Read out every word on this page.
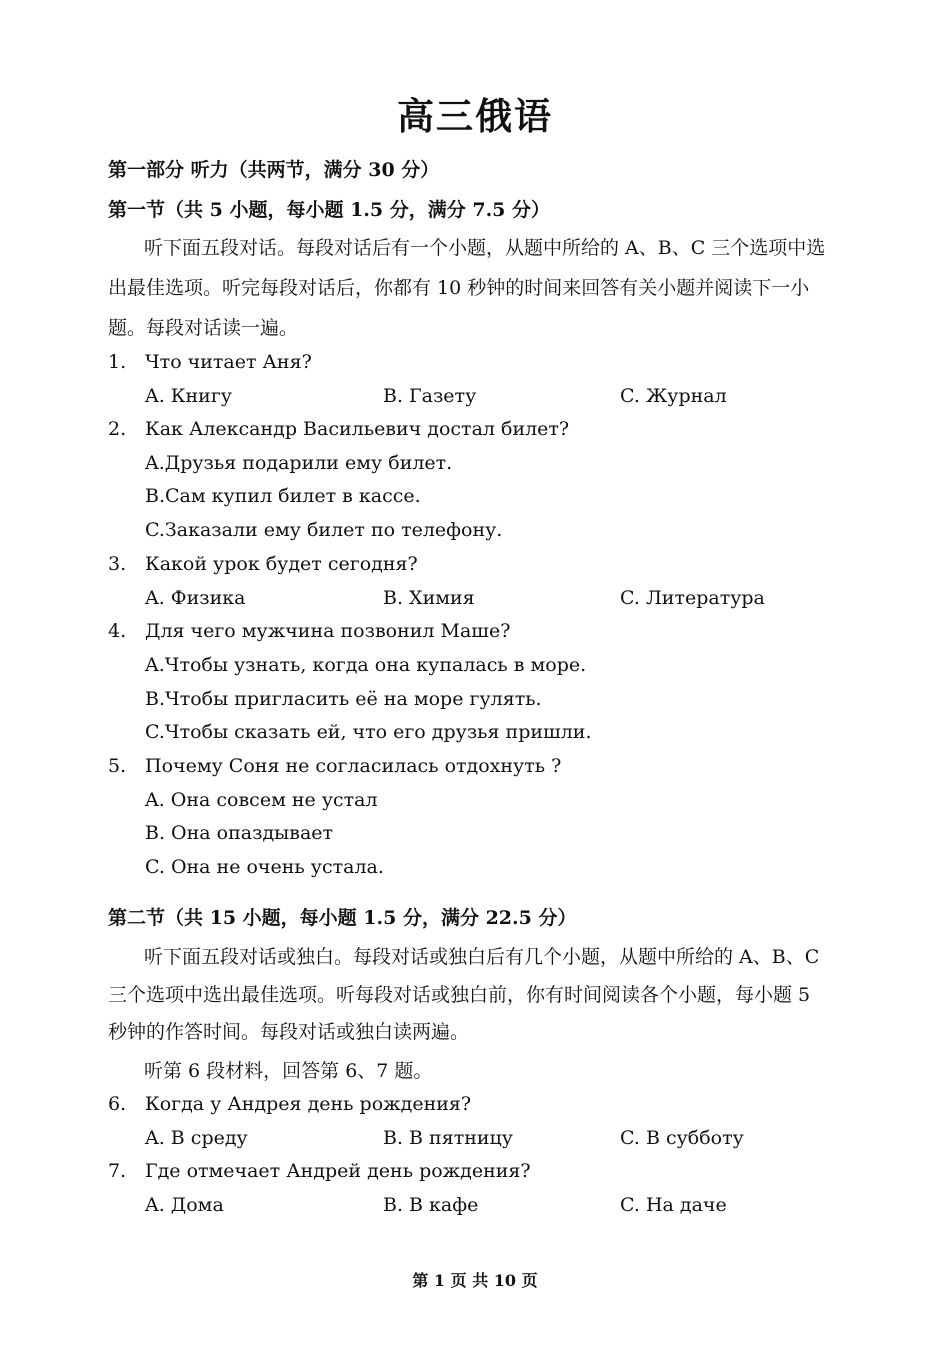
高三俄语
第一部分 听力（共两节，满分 30 分）
第一节（共 5 小题，每小题 1.5 分，满分 7.5 分）
听下面五段对话。每段对话后有一个小题，从题中所给的 A、B、C 三个选项中选
出最佳选项。听完每段对话后，你都有 10 秒钟的时间来回答有关小题并阅读下一小
题。每段对话读一遍。
1. Что читает Аня?
A. Книгу	B. Газету	C. Журнал
2. Как Александр Васильевич достал билет?
A.Друзья подарили ему билет.
B.Сам купил билет в кассе.
C.Заказали ему билет по телефону.
3. Какой урок будет сегодня?
A. Физика	B. Химия	C. Литература
4. Для чего мужчина позвонил Маше?
A.Чтобы узнать, когда она купалась в море.
B.Чтобы пригласить её на море гулять.
C.Чтобы сказать ей, что его друзья пришли.
5. Почему Соня не согласилась отдохнуть ?
A. Она совсем не устал
B. Она опаздывает
C. Она не очень устала.
第二节（共 15 小题，每小题 1.5 分，满分 22.5 分）
听下面五段对话或独白。每段对话或独白后有几个小题，从题中所给的 A、B、C
三个选项中选出最佳选项。听每段对话或独白前，你有时间阅读各个小题，每小题 5
秒钟的作答时间。每段对话或独白读两遍。
听第 6 段材料，回答第 6、7 题。
6. Когда у Андрея день рождения?
A. В среду	B. В пятницу	C. В субботу
7. Где отмечает Андрей день рождения?
A. Дома	B. В кафе	C. На даче
第 1 页 共 10 页
